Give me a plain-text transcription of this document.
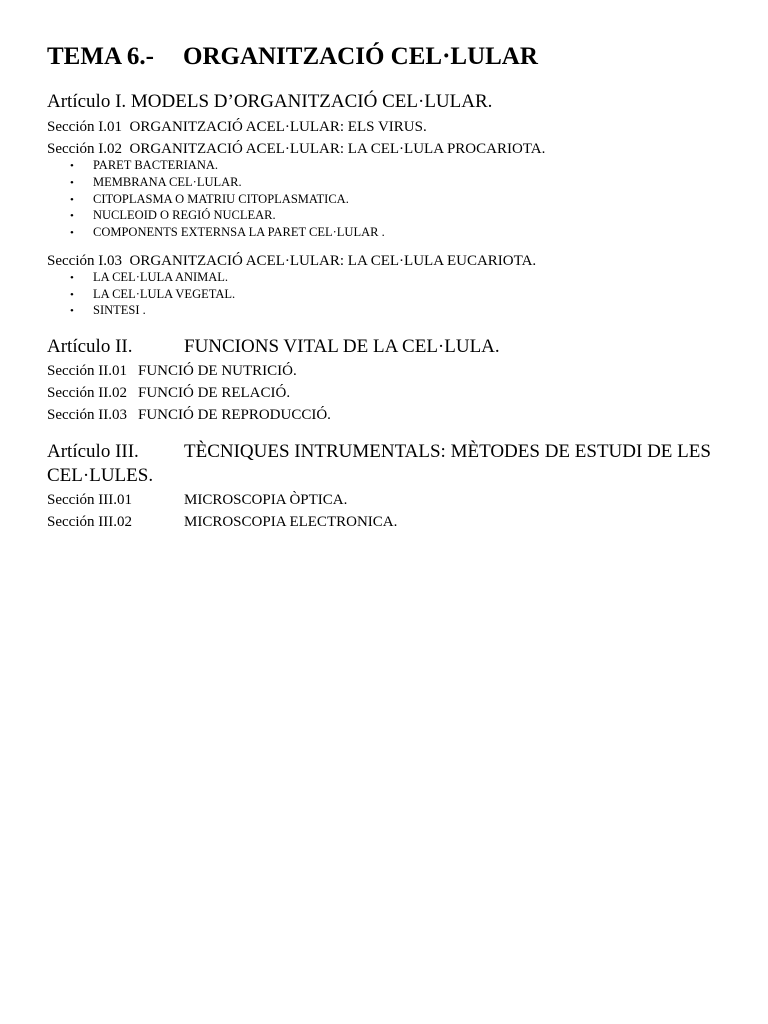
TEMA 6.- ORGANITZACIÓ CEL·LULAR
Artículo I. MODELS D’ORGANITZACIÓ CEL·LULAR.
Sección I.01 ORGANITZACIÓ ACEL·LULAR: ELS VIRUS.
Sección I.02 ORGANITZACIÓ ACEL·LULAR: LA CEL·LULA PROCARIOTA.
• PARET BACTERIANA.
• MEMBRANA CEL·LULAR.
• CITOPLASMA O MATRIU CITOPLASMATICA.
• NUCLEOID O REGIÓ NUCLEAR.
• COMPONENTS EXTERNSA LA PARET CEL·LULAR .
Sección I.03 ORGANITZACIÓ ACEL·LULAR: LA CEL·LULA EUCARIOTA.
• LA CEL·LULA ANIMAL.
• LA CEL·LULA VEGETAL.
• SINTESI .
Artículo II.	FUNCIONS VITAL DE LA CEL·LULA.
Sección II.01 FUNCIÓ DE NUTRICIÓ.
Sección II.02 FUNCIÓ DE RELACIÓ.
Sección II.03 FUNCIÓ DE REPRODUCCIÓ.
Artículo III. TÈCNIQUES INTRUMENTALS: MÈTODES DE ESTUDI DE LES CEL·LULES.
Sección III.01	MICROSCOPIA ÒPTICA.
Sección III.02	MICROSCOPIA ELECTRONICA.
